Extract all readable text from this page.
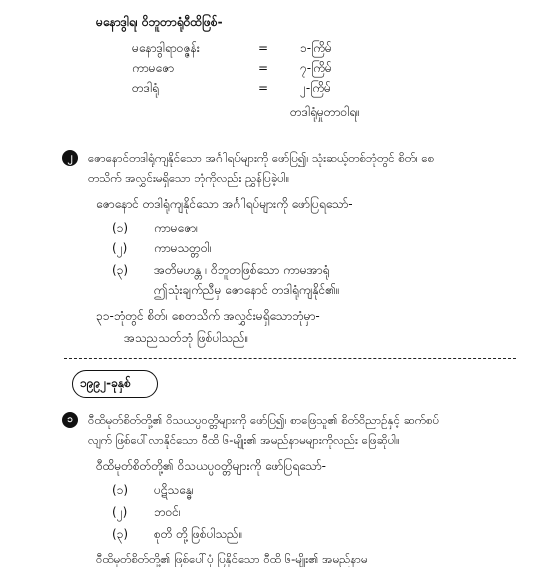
မနောဒွါရ၊ ဝိဘူတာရုံဝီထိဖြစ်-
မနောဒွါရာဝဇ္ဇန်း	=	၁-ကြိမ်
ကာမဇော	=	၇-ကြိမ်
တဒါရုံ	=	၂-ကြိမ်
တဒါရုံမှုတာဝါရ။
၂	ဇောနောင်တဒါရုံကျနိုင်သော အင်္ဂါရပ်များကို ဖော်ပြ၍၊ သုံးဆယ့်တစ်ဘုံတွင် စိတ်၊ စေ
တသိက် အလွှင်းမရှိသော ဘုံကိုလည်း ညွှန်ပြခဲ့ပါ။
ဇောနောင် တဒါရုံကျနိုင်သော အင်္ဂါရပ်များကို ဖော်ပြရသော်-
(၁) ကာမဇော၊
(၂) ကာမသတ္တဝါ၊
(၃) အတိမဟန္တ ၊ ဝိဘူတဖြစ်သော ကာမအာရုံ
ဤသုံးချက်ညီမှ ဇောနောင် တဒါရုံကျနိုင်၏။
၃၁-ဘုံတွင် စိတ်၊ စေတသိက် အလွှင်းမရှိသောဘုံမှာ-
အသညသတ်ဘုံ ဖြစ်ပါသည်။
၁၉၉၂-ခုနှစ်
၁	ဝီထိမုတ်စိတ်တို့၏ ဝိသယပ္ပဝတ္တိများကို ဖော်ပြ၍၊ စာဖြေသူ၏ စိတ်ဝိညာဉ်နှင့် ဆက်စပ်
လျက် ဖြစ်ပေါ်လာနိုင်သော ဝီထိ ၆-မျိုး၏ အမည်နာမများကိုလည်း ဖြေဆိုပါ။
ဝီထိမုတ်စိတ်တို့၏ ဝိသယပ္ပဝတ္တိများကို ဖော်ပြရသော်-
(၁) ပဋိသန္ဓေ၊
(၂) ဘဝင်၊
(၃) စုတိ တို့ဖြစ်ပါသည်။
ဝီထိမုတ်စိတ်တို့၏ ဖြစ်ပေါ်ပုံ ပြနိုင်သော ဝီထိ ၆-မျိုး၏ အမည်နာမ
